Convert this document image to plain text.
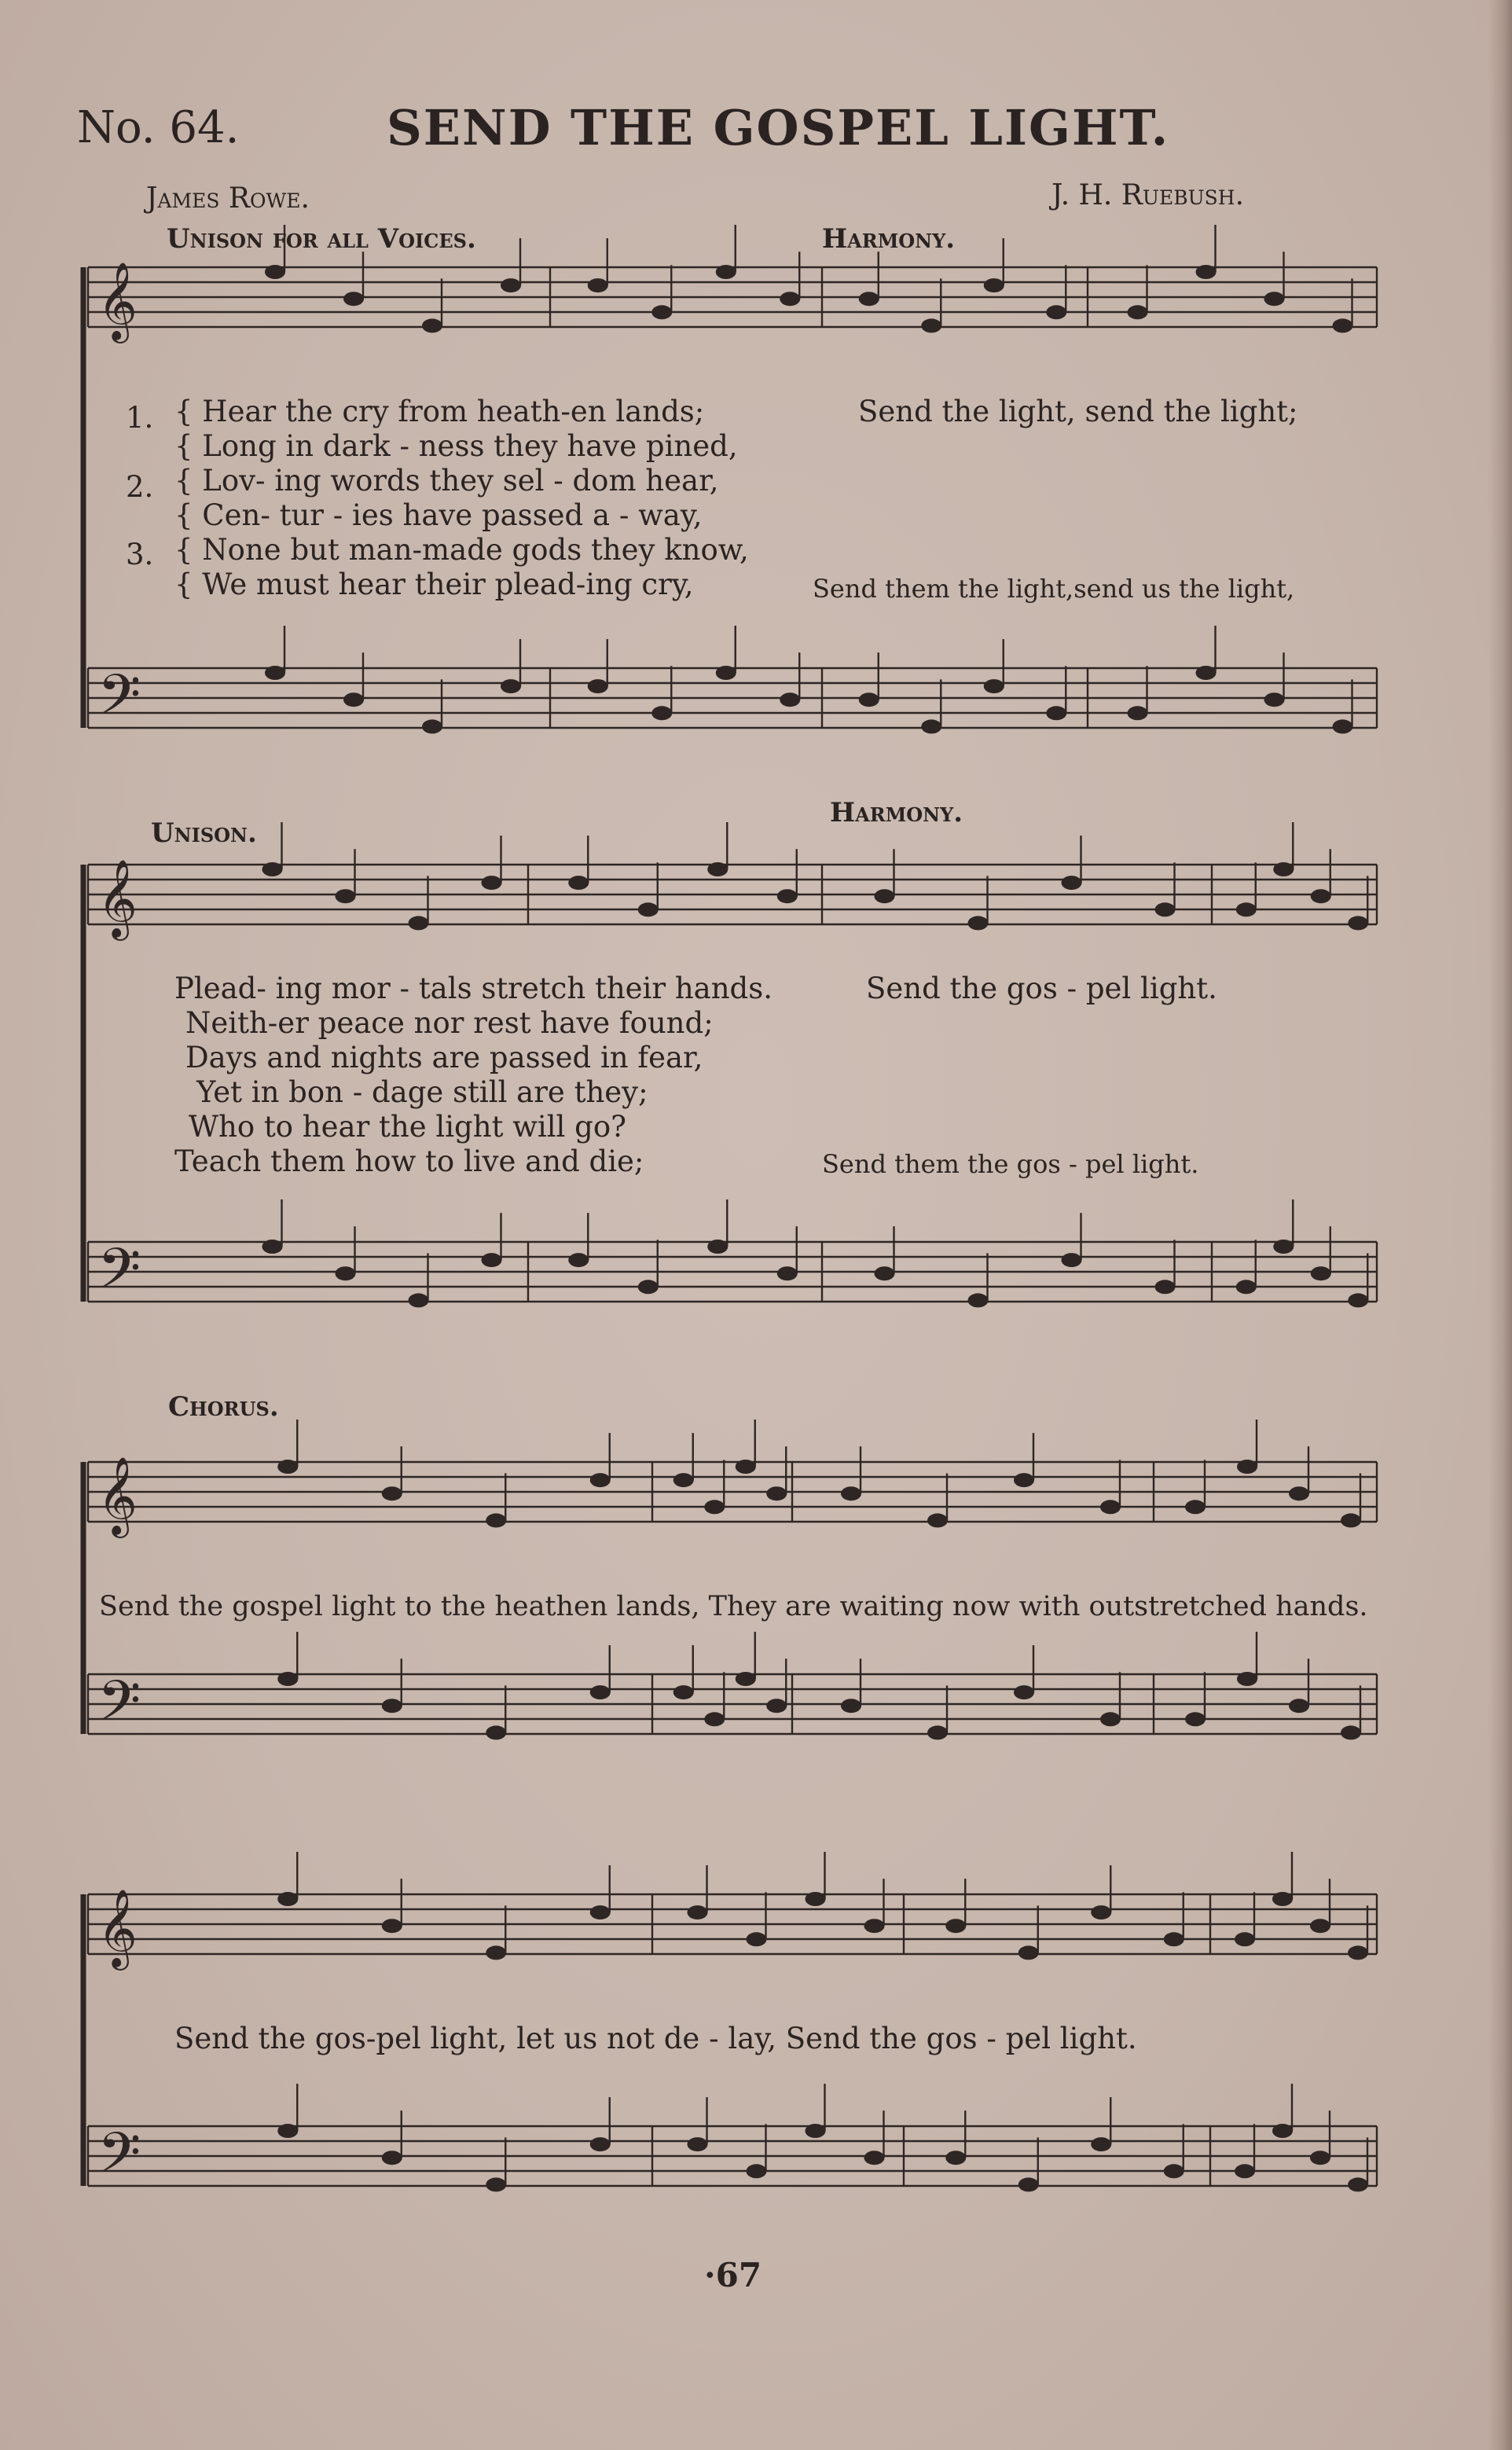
No. 64.	SEND THE GOSPEL LIGHT.
James Rowe.	J. H. Ruebush.
𝄞
𝄢
𝄞
𝄢
𝄞
𝄢
𝄞
𝄢
Unison for all Voices.	Harmony.
1.
2.
3.
{ Hear the cry from heath-en lands;
{ Long in dark - ness they have pined,
{ Lov- ing words they sel - dom hear,
{ Cen- tur - ies have passed a - way,
{ None but man-made gods they know,
{ We must hear their plead-ing cry,
Send the light, send the light;
Send them the light,send us the light,
Unison.
Harmony.
Plead- ing mor - tals stretch their hands.
Neith-er peace nor rest have found;
Days and nights are passed in fear,
Yet in bon - dage still are they;
Who to hear the light will go?
Teach them how to live and die;
Send the gos - pel light.
Send them the gos - pel light.
Chorus.
Send the gospel light to the heathen lands, They are waiting now with outstretched hands.
Send the gos-pel light, let us not de - lay, Send the gos - pel light.
·67
